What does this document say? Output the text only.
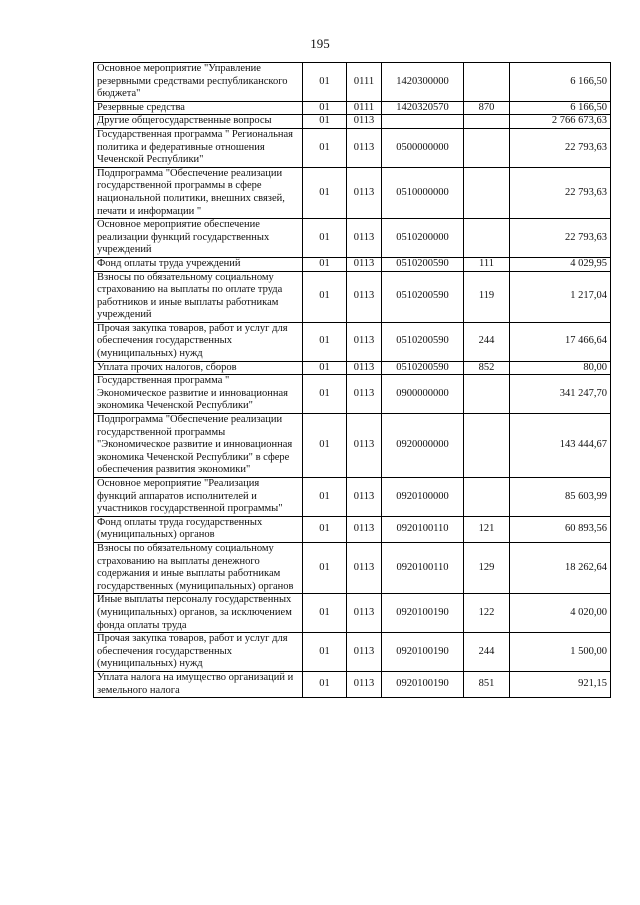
195
Основное мероприятие "Управление резервными средствами республиканского бюджета"	01	0111	1420300000		6 166,50
Резервные средства	01	0111	1420320570	870	6 166,50
Другие общегосударственные вопросы	01	0113			2 766 673,63
Государственная программа " Региональная политика и федеративные отношения Чеченской Республики"	01	0113	0500000000		22 793,63
Подпрограмма "Обеспечение реализации государственной программы в сфере национальной политики, внешних связей, печати и информации "	01	0113	0510000000		22 793,63
Основное мероприятие обеспечение реализации функций государственных учреждений	01	0113	0510200000		22 793,63
Фонд оплаты труда учреждений	01	0113	0510200590	111	4 029,95
Взносы по обязательному социальному страхованию на выплаты по оплате труда работников и иные выплаты работникам учреждений	01	0113	0510200590	119	1 217,04
Прочая закупка товаров, работ и услуг для обеспечения государственных (муниципальных) нужд	01	0113	0510200590	244	17 466,64
Уплата прочих налогов, сборов	01	0113	0510200590	852	80,00
Государственная программа " Экономическое развитие и инновационная экономика Чеченской Республики"	01	0113	0900000000		341 247,70
Подпрограмма "Обеспечение реализации государственной программы "Экономическое развитие и инновационная экономика Чеченской Республики" в сфере обеспечения развития экономики"	01	0113	0920000000		143 444,67
Основное мероприятие "Реализация функций аппаратов исполнителей и участников государственной программы"	01	0113	0920100000		85 603,99
Фонд оплаты труда государственных (муниципальных) органов	01	0113	0920100110	121	60 893,56
Взносы по обязательному социальному страхованию на выплаты денежного содержания и иные выплаты работникам государственных (муниципальных) органов	01	0113	0920100110	129	18 262,64
Иные выплаты персоналу государственных (муниципальных) органов, за исключением фонда оплаты труда	01	0113	0920100190	122	4 020,00
Прочая закупка товаров, работ и услуг для обеспечения государственных (муниципальных) нужд	01	0113	0920100190	244	1 500,00
Уплата налога на имущество организаций и земельного налога	01	0113	0920100190	851	921,15
